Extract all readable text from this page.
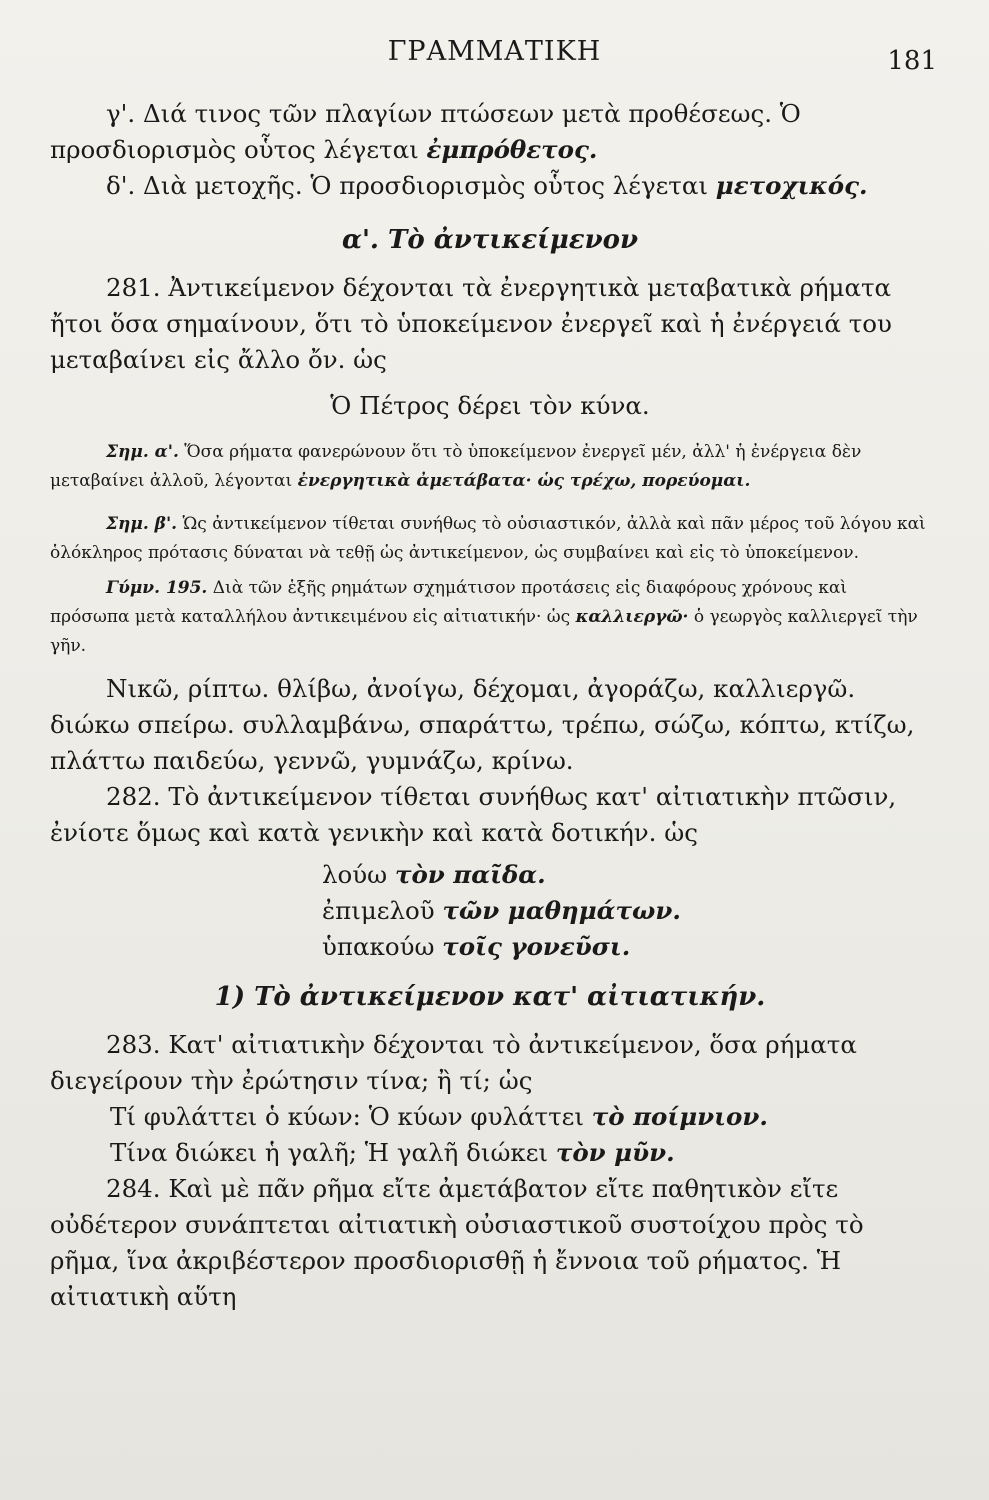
ΓΡΑΜΜΑΤΙΚΗ	181

γ'. Διά τινος τῶν πλαγίων πτώσεων μετὰ προθέσεως. Ὁ προσδιορισμὸς οὗτος λέγεται ἐμπρόθετος.

δ'. Διὰ μετοχῆς. Ὁ προσδιορισμὸς οὗτος λέγεται μετοχικός.

α'. Τὸ ἀντικείμενον

281. Ἀντικείμενον δέχονται τὰ ἐνεργητικὰ μεταβατικὰ ρήματα ἤτοι ὅσα σημαίνουν, ὅτι τὸ ὑποκείμενον ἐνεργεῖ καὶ ἡ ἐνέργειά του μεταβαίνει εἰς ἄλλο ὄν. ὡς

Ὁ Πέτρος δέρει τὸν κύνα.

Σημ. α'. Ὅσα ρήματα φανερώνουν ὅτι τὸ ὑποκείμενον ἐνεργεῖ μέν, ἀλλ' ἡ ἐνέργεια δὲν μεταβαίνει ἀλλοῦ, λέγονται ἐνεργητικὰ ἀμετάβατα· ὡς τρέχω, πορεύομαι.

Σημ. β'. Ὡς ἀντικείμενον τίθεται συνήθως τὸ οὐσιαστικόν, ἀλλὰ καὶ πᾶν μέρος τοῦ λόγου καὶ ὁλόκληρος πρότασις δύναται νὰ τεθῇ ὡς ἀντικείμενον, ὡς συμβαίνει καὶ εἰς τὸ ὑποκείμενον.

Γύμν. 195. Διὰ τῶν ἑξῆς ρημάτων σχημάτισον προτάσεις εἰς διαφόρους χρόνους καὶ πρόσωπα μετὰ καταλλήλου ἀντικειμένου εἰς αἰτιατικήν· ὡς καλλιεργῶ· ὁ γεωργὸς καλλιεργεῖ τὴν γῆν.

Νικῶ, ρίπτω. θλίβω, ἀνοίγω, δέχομαι, ἀγοράζω, καλλιεργῶ. διώκω σπείρω. συλλαμβάνω, σπαράττω, τρέπω, σώζω, κόπτω, κτίζω, πλάττω παιδεύω, γεννῶ, γυμνάζω, κρίνω.

282. Τὸ ἀντικείμενον τίθεται συνήθως κατ' αἰτιατικὴν πτῶσιν, ἐνίοτε ὅμως καὶ κατὰ γενικὴν καὶ κατὰ δοτικήν. ὡς

λούω τὸν παῖδα.

ἐπιμελοῦ τῶν μαθημάτων.

ὑπακούω τοῖς γονεῦσι.

1) Τὸ ἀντικείμενον κατ' αἰτιατικήν.

283. Κατ' αἰτιατικὴν δέχονται τὸ ἀντικείμενον, ὅσα ρήματα διεγείρουν τὴν ἐρώτησιν τίνα; ἢ τί; ὡς

Τί φυλάττει ὁ κύων: Ὁ κύων φυλάττει τὸ ποίμνιον.

Τίνα διώκει ἡ γαλῆ; Ἡ γαλῆ διώκει τὸν μῦν.

284. Καὶ μὲ πᾶν ρῆμα εἴτε ἀμετάβατον εἴτε παθητικὸν εἴτε οὐδέτερον συνάπτεται αἰτιατικὴ οὐσιαστικοῦ συστοίχου πρὸς τὸ ρῆμα, ἵνα ἀκριβέστερον προσδιορισθῇ ἡ ἔννοια τοῦ ρήματος. Ἡ αἰτιατικὴ αὕτη
